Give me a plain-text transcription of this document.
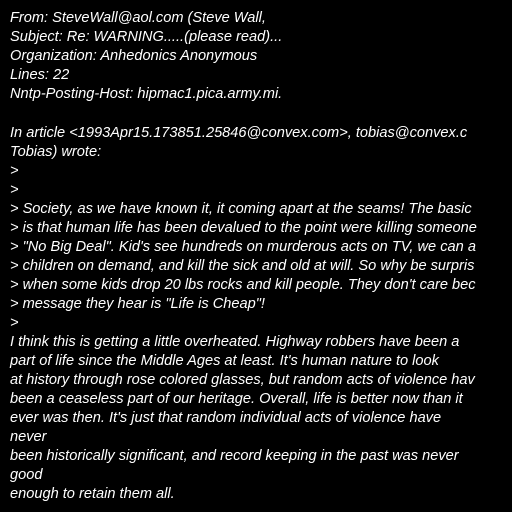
From: SteveWall@aol.com (Steve Wall,
Subject: Re: WARNING.....(please read)...
Organization: Anhedonics Anonymous
Lines: 22
Nntp-Posting-Host: hipmac1.pica.army.mi.
In article <1993Apr15.173851.25846@convex.com>, tobias@convex.c
Tobias) wrote:
>
>
> Society, as we have known it, it coming apart at the seams! The basic
> is that human life has been devalued to the point were killing someone
> "No Big Deal". Kid's see hundreds on murderous acts on TV, we can a
> children on demand, and kill the sick and old at will. So why be surpris
> when some kids drop 20 lbs rocks and kill people. They don't care bec
> message they hear is "Life is Cheap"!
>
I think this is getting a little overheated. Highway robbers have been a
part of life since the Middle Ages at least. It's human nature to look
at history through rose colored glasses, but random acts of violence hav
been a ceaseless part of our heritage. Overall, life is better now than it
ever was then. It's just that random individual acts of violence have
never
been historically significant, and record keeping in the past was never
good
enough to retain them all.
